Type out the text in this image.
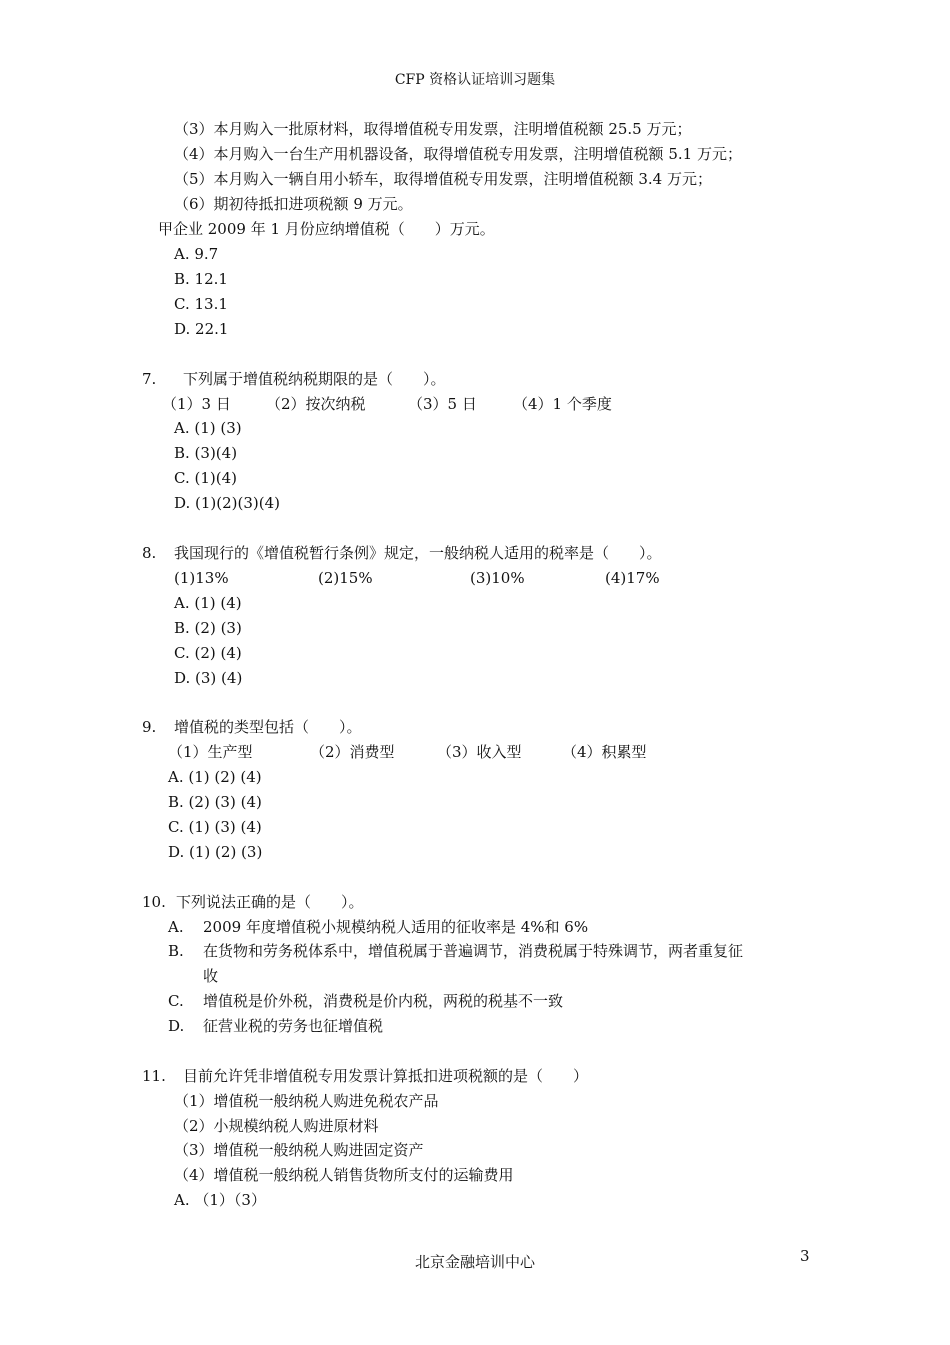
CFP 资格认证培训习题集
（3）本月购入一批原材料，取得增值税专用发票，注明增值税额 25.5 万元；
（4）本月购入一台生产用机器设备，取得增值税专用发票，注明增值税额 5.1 万元；
（5）本月购入一辆自用小轿车，取得增值税专用发票，注明增值税额 3.4 万元；
（6）期初待抵扣进项税额 9 万元。
甲企业 2009 年 1 月份应纳增值税（　　）万元。
A. 9.7
B. 12.1
C. 13.1
D. 22.1
7. 下列属于增值税纳税期限的是（　　）。
（1）3 日 （2）按次纳税	（3）5 日 （4）1 个季度
A. (1) (3)
B. (3)(4)
C. (1)(4)
D. (1)(2)(3)(4)
8. 我国现行的《增值税暂行条例》规定，一般纳税人适用的税率是（　　）。
(1)13%	(2)15%	(3)10%	(4)17%
A. (1) (4)
B. (2) (3)
C. (2) (4)
D. (3) (4)
9. 增值税的类型包括（　　）。
（1）生产型	（2）消费型	（3）收入型	（4）积累型
A. (1) (2) (4)
B. (2) (3) (4)
C. (1) (3) (4)
D. (1) (2) (3)
10. 下列说法正确的是（　　）。
A. 2009 年度增值税小规模纳税人适用的征收率是 4%和 6%
B. 在货物和劳务税体系中，增值税属于普遍调节，消费税属于特殊调节，两者重复征
收
C. 增值税是价外税，消费税是价内税，两税的税基不一致
D. 征营业税的劳务也征增值税
11. 目前允许凭非增值税专用发票计算抵扣进项税额的是（　　）
（1）增值税一般纳税人购进免税农产品
（2）小规模纳税人购进原材料
（3）增值税一般纳税人购进固定资产
（4）增值税一般纳税人销售货物所支付的运输费用
A. （1）（3）
北京金融培训中心	3
